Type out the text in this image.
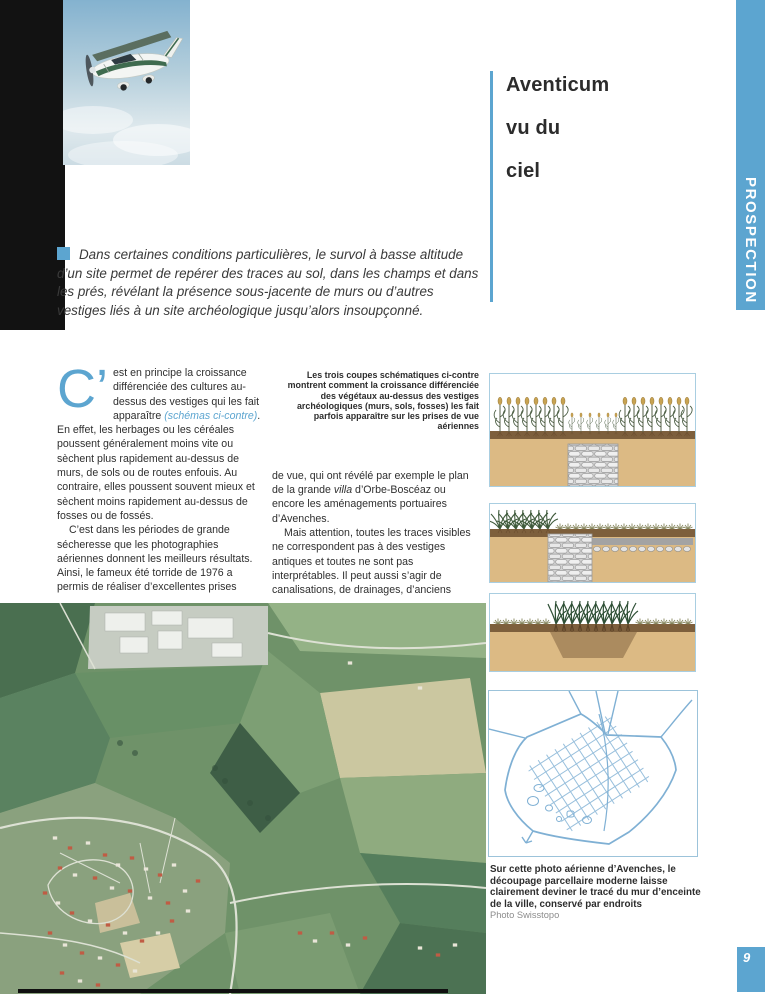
Aventicum
vu du
ciel
PROSPECTION
Dans certaines conditions particulières, le survol à basse altitude d’un site permet de repérer des traces au sol, dans les champs et dans les prés, révélant la présence sous-jacente de murs ou d’autres vestiges liés à un site archéologique jusqu’alors insoupçonné.

C’ est en principe la croissance différenciée des cultures au-dessus des vestiges qui les fait apparaître (schémas ci-contre). En effet, les herbages ou les céréales poussent généralement moins vite ou sèchent plus rapidement au-dessus de murs, de sols ou de routes enfouis. Au contraire, elles poussent souvent mieux et sèchent moins rapidement au-dessus de fosses ou de fossés.

C’est dans les périodes de grande sécheresse que les photographies aériennes donnent les meilleurs résultats. Ainsi, le fameux été torride de 1976 a permis de réaliser d’excellentes prises

Les trois coupes schématiques ci-contre montrent comment la croissance différenciée des végétaux au-dessus des vestiges archéologiques (murs, sols, fosses) les fait parfois apparaître sur les prises de vue aériennes

de vue, qui ont révélé par exemple le plan de la grande villa d’Orbe-Boscéaz ou encore les aménagements portuaires d’Avenches.

Mais attention, toutes les traces visibles ne correspondent pas à des vestiges antiques et toutes ne sont pas interprétables. Il peut aussi s’agir de canalisations, de drainages, d’anciens

Sur cette photo aérienne d’Avenches, le découpage parcellaire moderne laisse clairement deviner le tracé du mur d’enceinte de la ville, conservé par endroits
Photo Swisstopo
9
